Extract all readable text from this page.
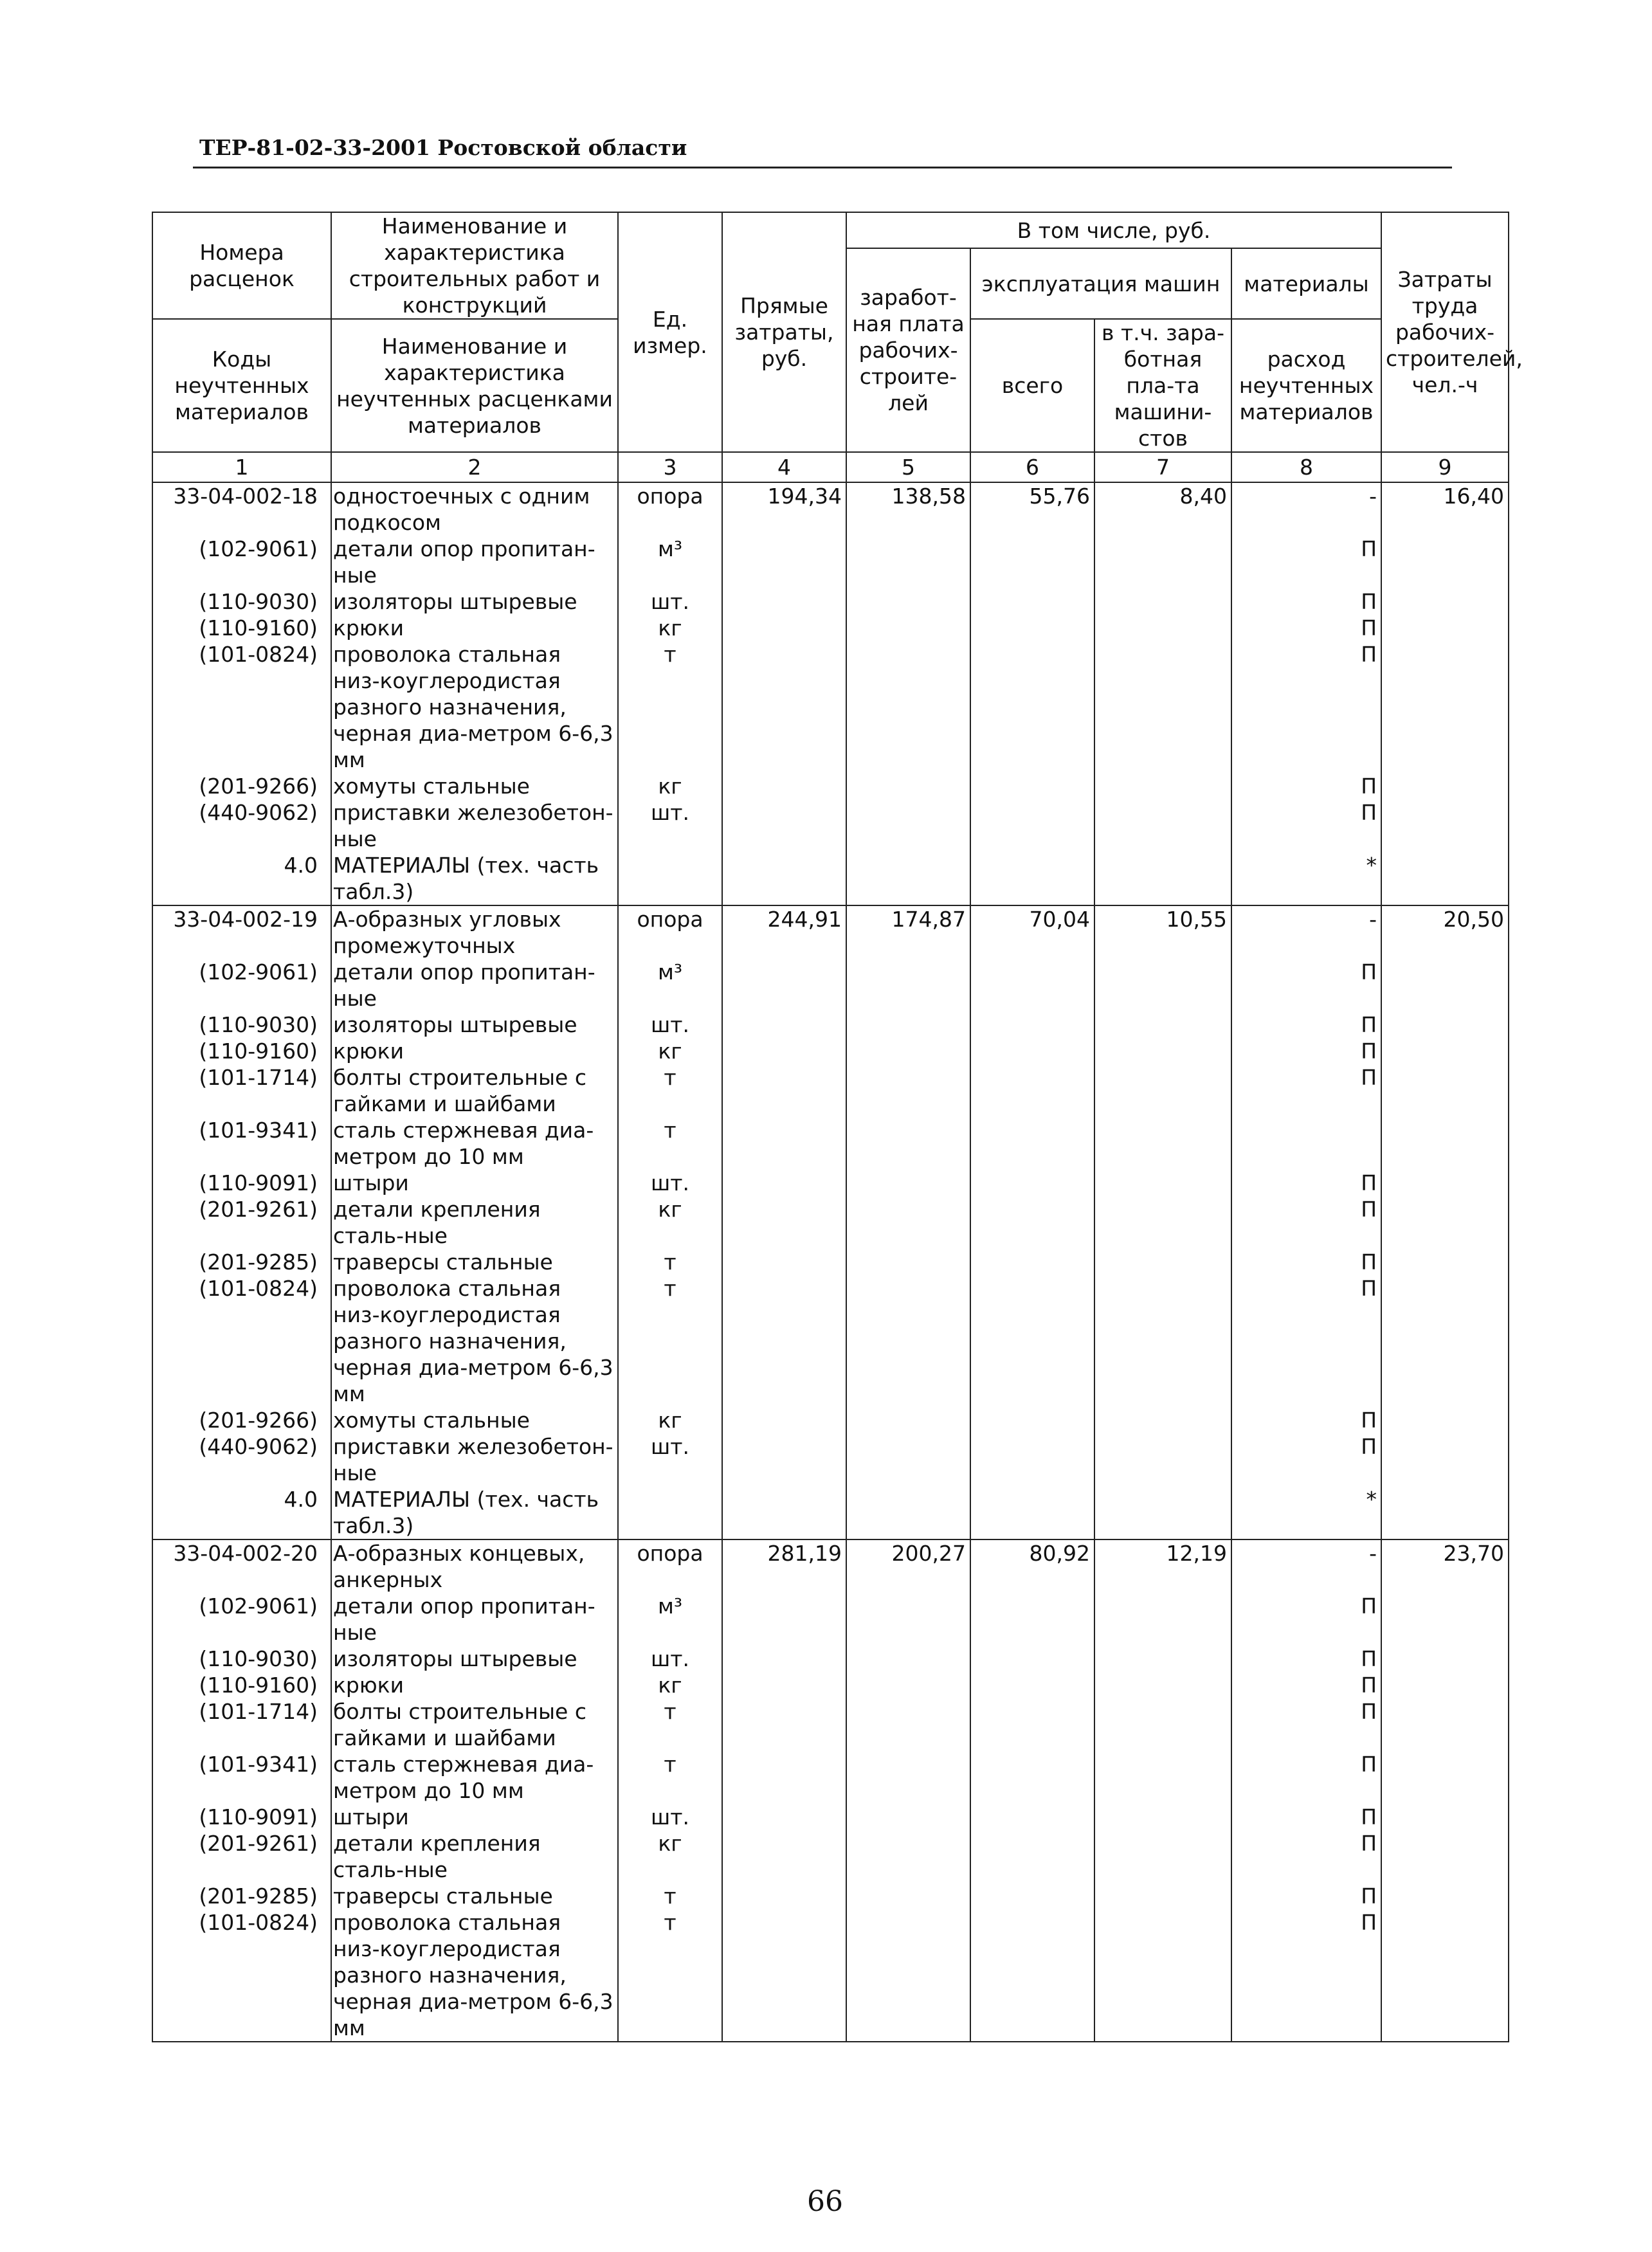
ТЕР-81-02-33-2001 Ростовской области
Номера расценок	Наименование и характеристика строительных работ и конструкций	Ед. измер.	Прямые затраты, руб.	В том числе, руб.				Затраты труда рабочих-строителей, чел.-ч
				заработ-ная плата рабочих-строите-лей	эксплуатация машин		материалы	
Коды неучтенных материалов	Наименование и характеристика неучтенных расценками материалов							
					всего	в т.ч. зара-ботная пла-та машини-стов	расход неучтенных материалов	
1	2	3	4	5	6	7	8	9
33-04-002-18	одностоечных с одним подкосом	опора	194,34	138,58	55,76	8,40	-	16,40
(102-9061)	детали опор пропитан-ные	м³					П	
(110-9030)	изоляторы штыревые	шт.					П	
(110-9160)	крюки	кг					П	
(101-0824)	проволока стальная низ-коуглеродистая разного назначения, черная диа-метром 6-6,3 мм	т					П	
(201-9266)	хомуты стальные	кг					П	
(440-9062)	приставки железобетон-ные	шт.					П	
4.0	МАТЕРИАЛЫ (тех. часть табл.3)						*	
33-04-002-19	А-образных угловых промежуточных	опора	244,91	174,87	70,04	10,55	-	20,50
(102-9061)	детали опор пропитан-ные	м³					П	
(110-9030)	изоляторы штыревые	шт.					П	
(110-9160)	крюки	кг					П	
(101-1714)	болты строительные с гайками и шайбами	т					П	
(101-9341)	сталь стержневая диа-метром до 10 мм	т						
(110-9091)	штыри	шт.					П	
(201-9261)	детали крепления сталь-ные	кг					П	
(201-9285)	траверсы стальные	т					П	
(101-0824)	проволока стальная низ-коуглеродистая разного назначения, черная диа-метром 6-6,3 мм	т					П	
(201-9266)	хомуты стальные	кг					П	
(440-9062)	приставки железобетон-ные	шт.					П	
4.0	МАТЕРИАЛЫ (тех. часть табл.3)						*	
33-04-002-20	А-образных концевых, анкерных	опора	281,19	200,27	80,92	12,19	-	23,70
(102-9061)	детали опор пропитан-ные	м³					П	
(110-9030)	изоляторы штыревые	шт.					П	
(110-9160)	крюки	кг					П	
(101-1714)	болты строительные с гайками и шайбами	т					П	
(101-9341)	сталь стержневая диа-метром до 10 мм	т					П	
(110-9091)	штыри	шт.					П	
(201-9261)	детали крепления сталь-ные	кг					П	
(201-9285)	траверсы стальные	т					П	
(101-0824)	проволока стальная низ-коуглеродистая разного назначения, черная диа-метром 6-6,3 мм	т					П	
66
